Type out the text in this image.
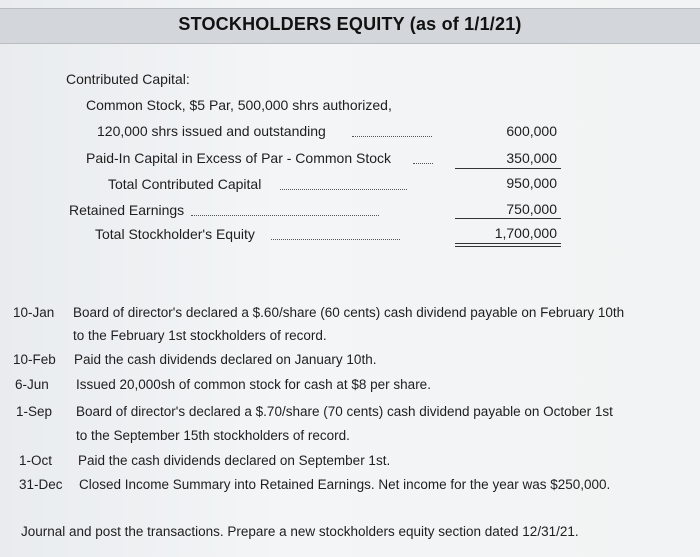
STOCKHOLDERS EQUITY (as of 1/1/21)
Contributed Capital:
Common Stock, $5 Par, 500,000 shrs authorized,
120,000 shrs issued and outstanding	600,000
Paid-In Capital in Excess of Par - Common Stock	350,000
Total Contributed Capital	950,000
Retained Earnings	750,000
Total Stockholder's Equity	1,700,000
10-Jan Board of director's declared a $.60/share (60 cents) cash dividend payable on February 10th
to the February 1st stockholders of record.
10-Feb Paid the cash dividends declared on January 10th.
6-Jun Issued 20,000sh of common stock for cash at $8 per share.
1-Sep Board of director's declared a $.70/share (70 cents) cash dividend payable on October 1st
to the September 15th stockholders of record.
1-Oct Paid the cash dividends declared on September 1st.
31-Dec Closed Income Summary into Retained Earnings. Net income for the year was $250,000.
Journal and post the transactions. Prepare a new stockholders equity section dated 12/31/21.
